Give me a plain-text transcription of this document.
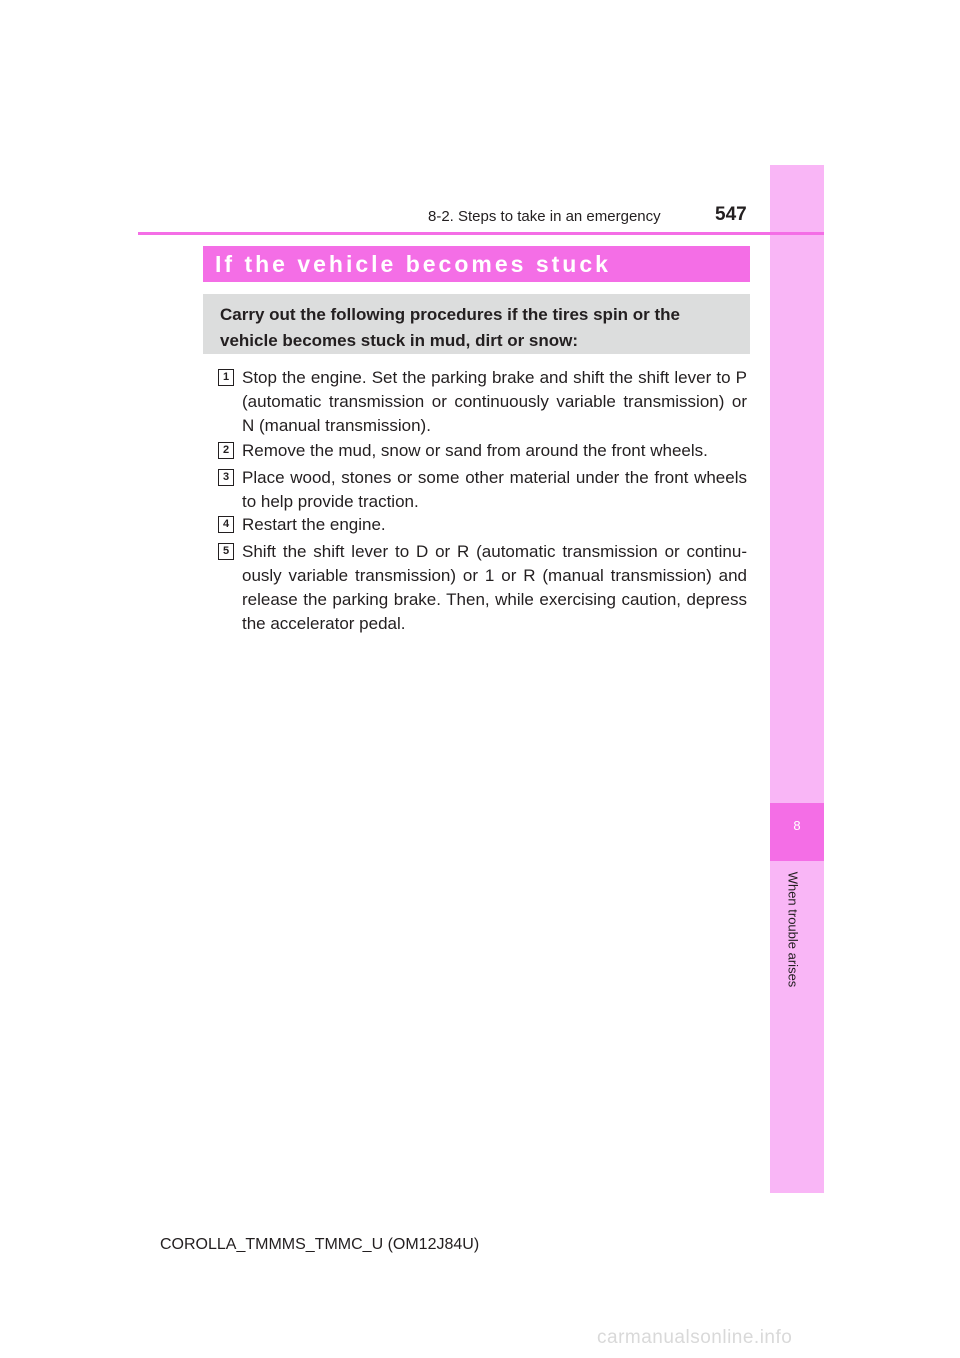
8
When trouble arises
8-2. Steps to take in an emergency	547
If the vehicle becomes stuck
Carry out the following procedures if the tires spin or the vehicle becomes stuck in mud, dirt or snow:
1 Stop the engine. Set the parking brake and shift the shift lever to P (automatic transmission or continuously variable transmission) or N (manual transmission).
2 Remove the mud, snow or sand from around the front wheels.
3 Place wood, stones or some other material under the front wheels to help provide traction.
4 Restart the engine.
5 Shift the shift lever to D or R (automatic transmission or continu-ously variable transmission) or 1 or R (manual transmission) and release the parking brake. Then, while exercising caution, depress the accelerator pedal.
COROLLA_TMMMS_TMMC_U (OM12J84U)
carmanualsonline.info
